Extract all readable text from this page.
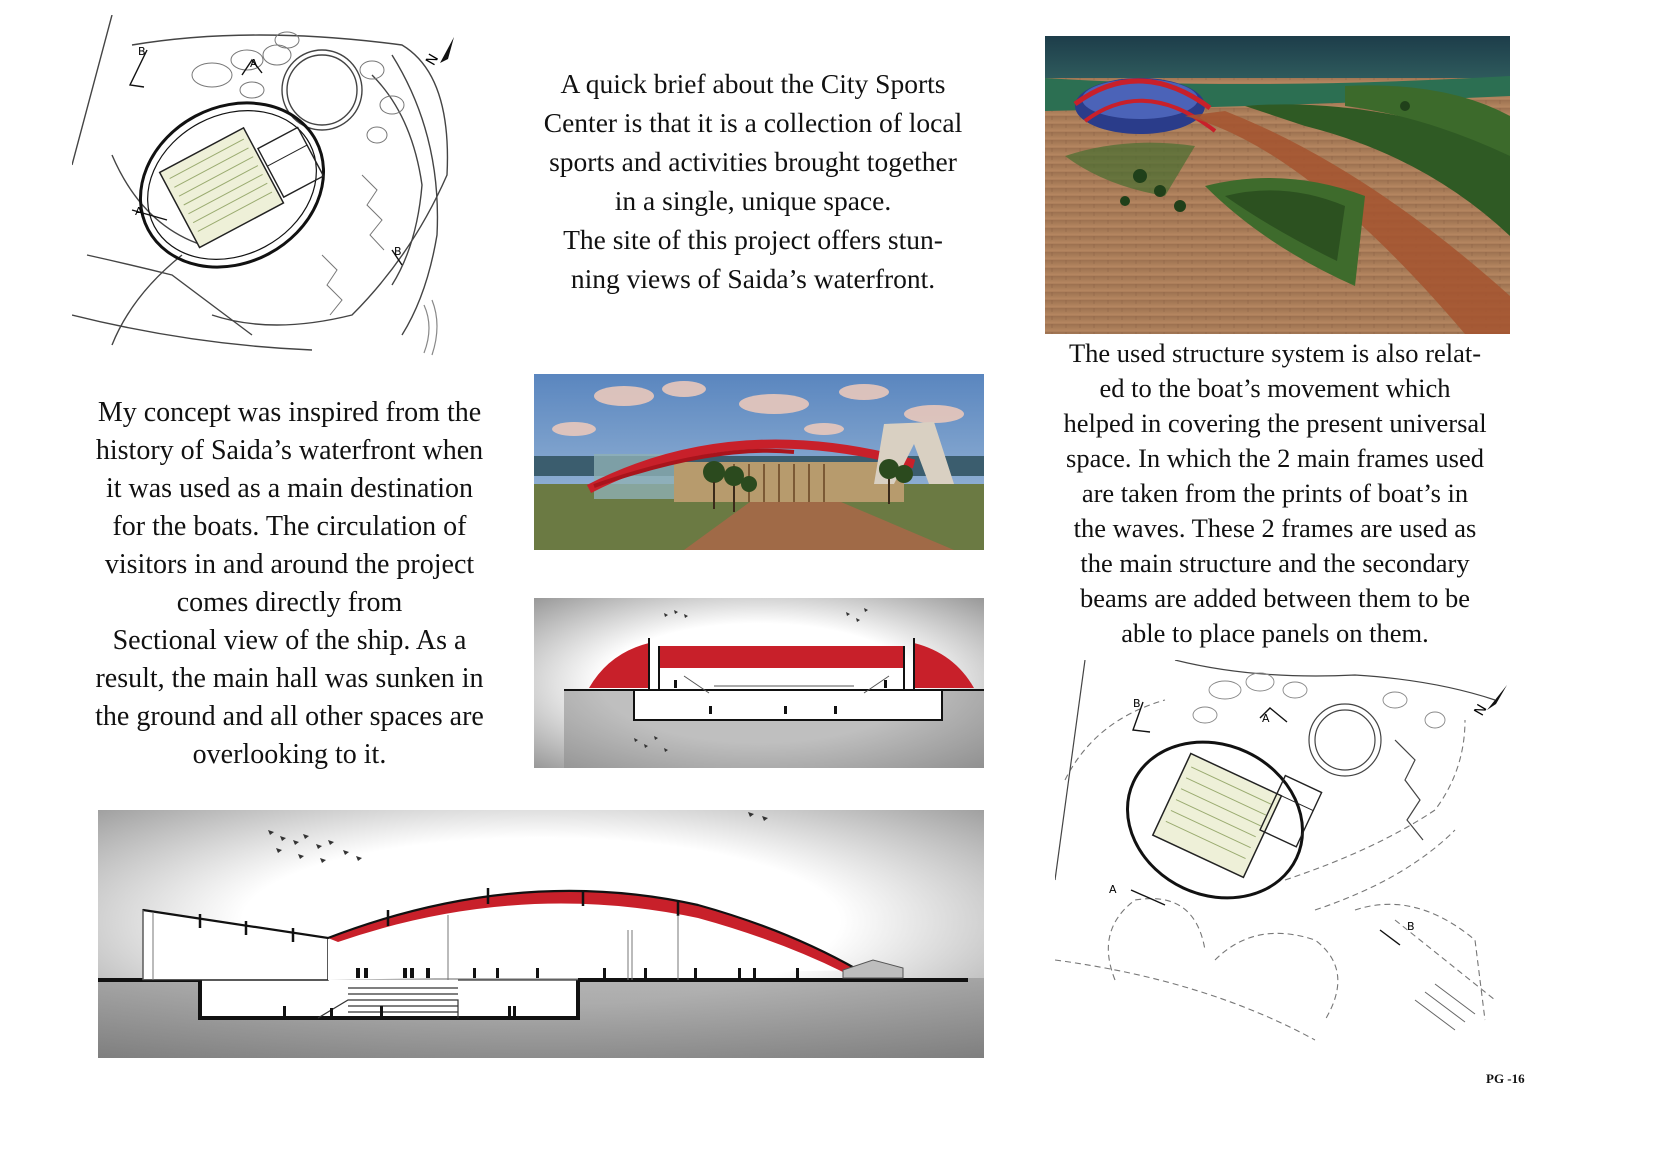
B
A
A
B
N
A quick brief about the City Sports
Center is that it is a collection of local
sports and activities brought together
in a single, unique space.
The site of this project offers stun-
ning views of Saida’s waterfront.
My concept was inspired from the
history of Saida’s waterfront when
it was used as a main destination
for the boats. The circulation of
visitors in and around the project
comes directly from
Sectional view of the ship. As a
result, the main hall was sunken in
the ground and all other spaces are
overlooking to it.
The used structure system is also relat-
ed to the boat’s movement which
helped in covering the present universal
space. In which the 2 main frames used
are taken from the prints of boat’s in
the waves. These 2 frames are used as
the main structure and the secondary
beams are added between them to be
able to place panels on them.
B
A
A
B
N
PG -16
